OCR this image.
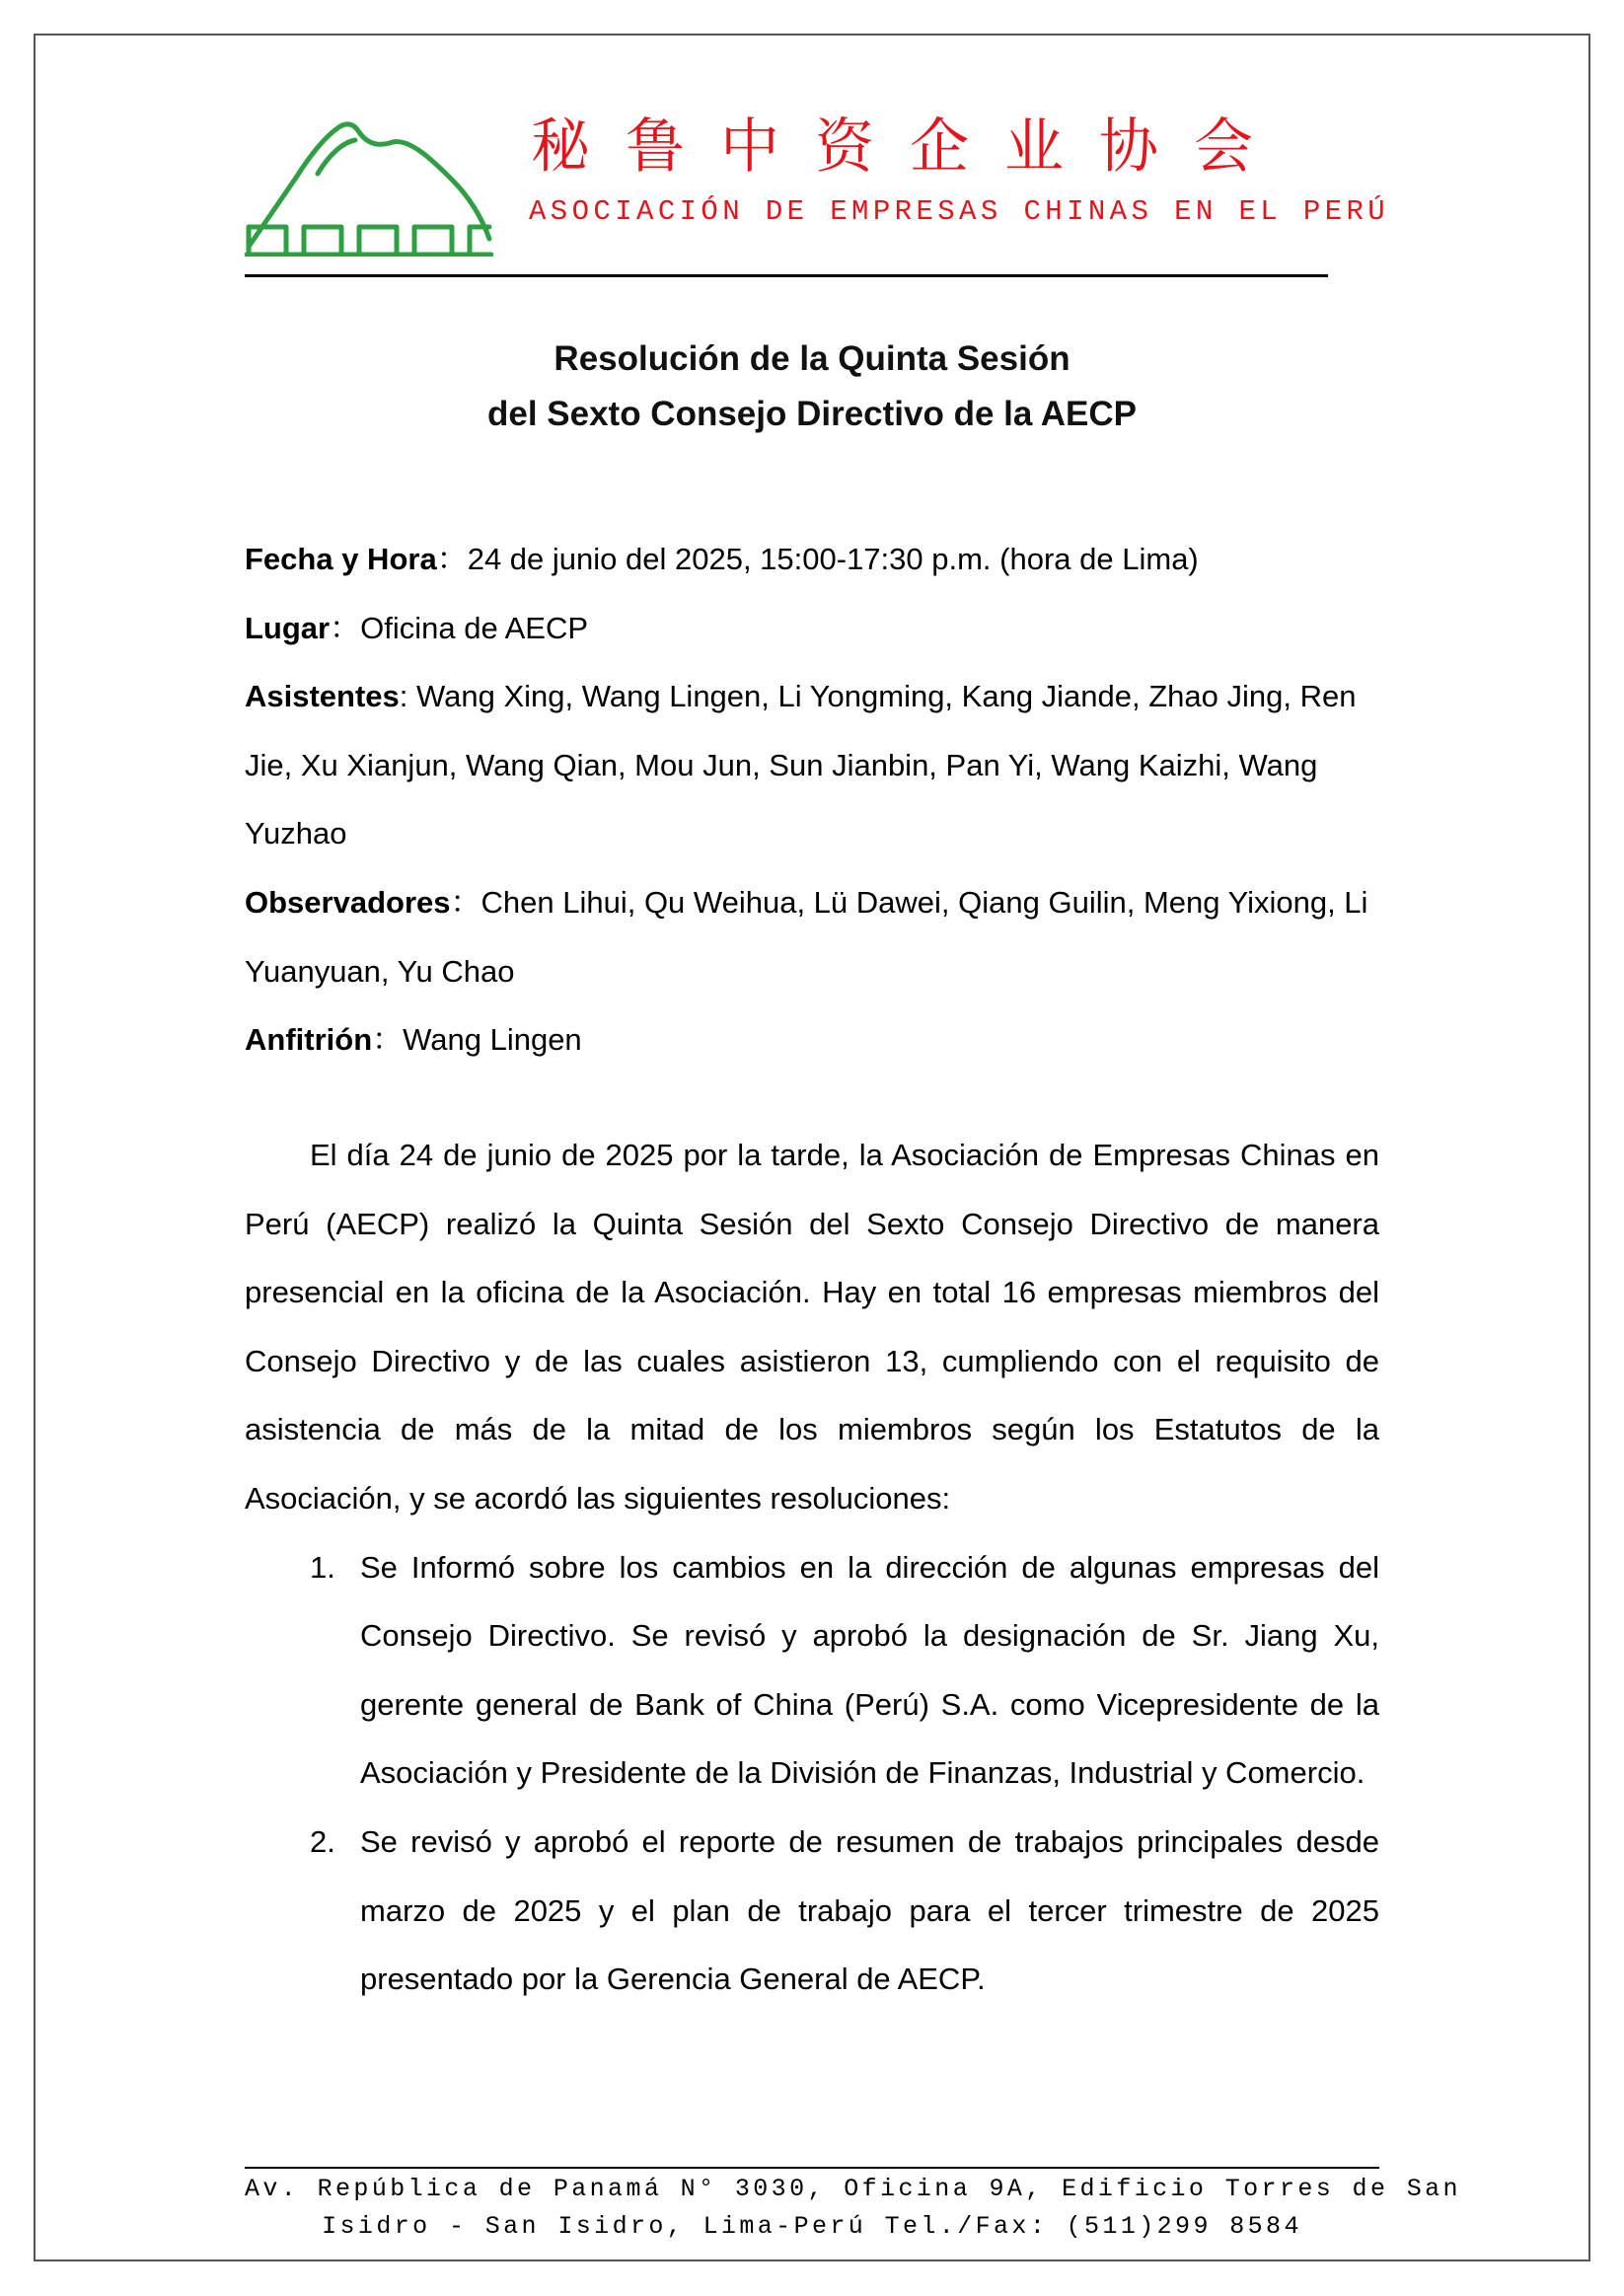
秘鲁中资企业协会
ASOCIACIÓN DE EMPRESAS CHINAS EN EL PERÚ
Resolución de la Quinta Sesión
del Sexto Consejo Directivo de la AECP

Fecha y Hora：24 de junio del 2025, 15:00-17:30 p.m. (hora de Lima)

Lugar：Oficina de AECP

Asistentes: Wang Xing, Wang Lingen, Li Yongming, Kang Jiande, Zhao Jing, Ren Jie, Xu Xianjun, Wang Qian, Mou Jun, Sun Jianbin, Pan Yi, Wang Kaizhi, Wang Yuzhao

Observadores：Chen Lihui, Qu Weihua, Lü Dawei, Qiang Guilin, Meng Yixiong, Li Yuanyuan, Yu Chao

Anfitrión：Wang Lingen

El día 24 de junio de 2025 por la tarde, la Asociación de Empresas Chinas en Perú (AECP) realizó la Quinta Sesión del Sexto Consejo Directivo de manera presencial en la oficina de la Asociación. Hay en total 16 empresas miembros del Consejo Directivo y de las cuales asistieron 13, cumpliendo con el requisito de asistencia de más de la mitad de los miembros según los Estatutos de la Asociación, y se acordó las siguientes resoluciones:

1. Se Informó sobre los cambios en la dirección de algunas empresas del Consejo Directivo. Se revisó y aprobó la designación de Sr. Jiang Xu, gerente general de Bank of China (Perú) S.A. como Vicepresidente de la Asociación y Presidente de la División de Finanzas, Industrial y Comercio.
2. Se revisó y aprobó el reporte de resumen de trabajos principales desde marzo de 2025 y el plan de trabajo para el tercer trimestre de 2025 presentado por la Gerencia General de AECP.

Av. República de Panamá N° 3030, Oficina 9A, Edificio Torres de San

Isidro - San Isidro, Lima-Perú Tel./Fax: (511)299 8584
